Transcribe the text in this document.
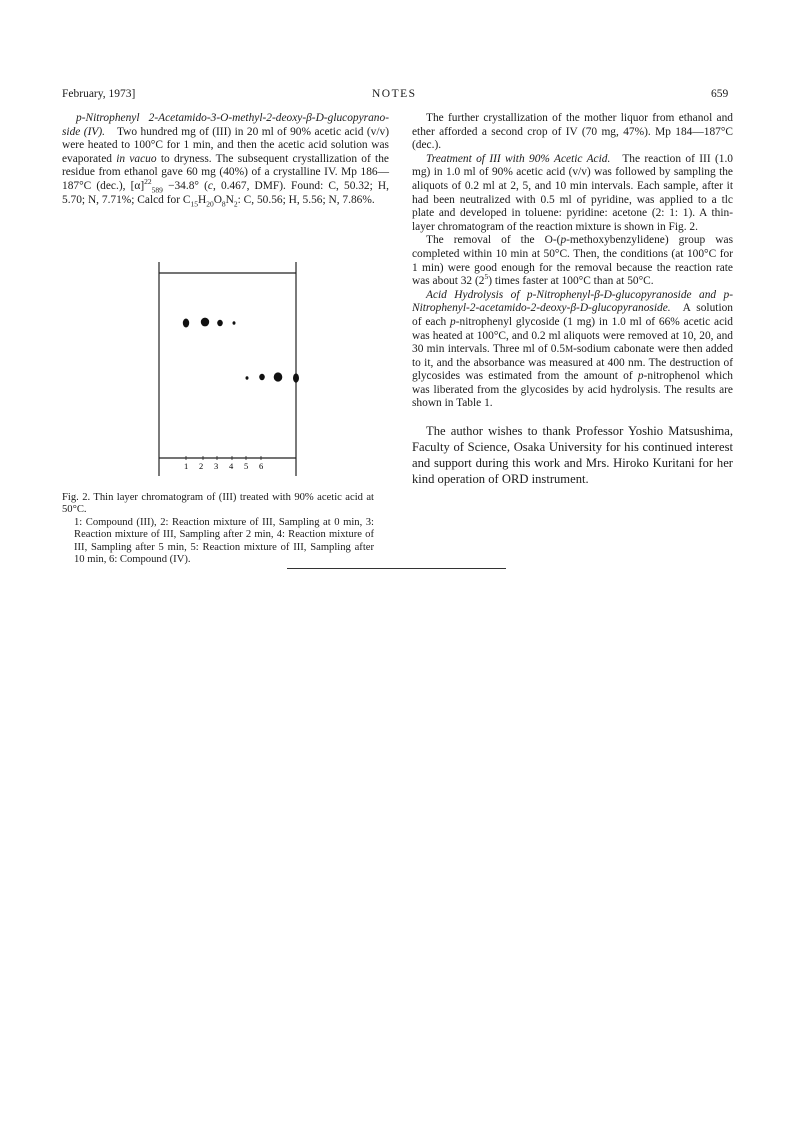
February, 1973]	NOTES	659

p-Nitrophenyl 2-Acetamido-3-O-methyl-2-deoxy-β-D-glucopyrano- side (IV). Two hundred mg of (III) in 20 ml of 90% acetic acid (v/v) were heated to 100°C for 1 min, and then the acetic acid solution was evaporated in vacuo to dryness. The subsequent crystallization of the residue from ethanol gave 60 mg (40%) of a crystalline IV. Mp 186—187°C (dec.), $[\alpha]^{22}_{589} -34.8^\circ$ (c, 0.467, DMF). Found: C, 50.32; H, 5.70; N, 7.71%; Calcd for $C_{15}H_{20}O_8N_2$: C, 50.56; H, 5.56; N, 7.86%.

1 2 3 4 5 6

Fig. 2. Thin layer chromatogram of (III) treated with 90% acetic acid at 50°C.

1: Compound (III), 2: Reaction mixture of III, Sampling at 0 min, 3: Reaction mixture of III, Sampling after 2 min, 4: Reaction mixture of III, Sampling after 5 min, 5: Reaction mixture of III, Sampling after 10 min, 6: Compound (IV).

The further crystallization of the mother liquor from ethanol and ether afforded a second crop of IV (70 mg, 47%). Mp 184—187°C (dec.).

Treatment of III with 90% Acetic Acid. The reaction of III (1.0 mg) in 1.0 ml of 90% acetic acid (v/v) was followed by sampling the aliquots of 0.2 ml at 2, 5, and 10 min intervals. Each sample, after it had been neutralized with 0.5 ml of pyridine, was applied to a tlc plate and developed in toluene: pyridine: acetone (2: 1: 1). A thin-layer chromatogram of the reaction mixture is shown in Fig. 2.

The removal of the O-(p-methoxybenzylidene) group was completed within 10 min at 50°C. Then, the conditions (at 100°C for 1 min) were good enough for the removal because the reaction rate was about 32 $(2^5)$ times faster at 100°C than at 50°C.

Acid Hydrolysis of p-Nitrophenyl-β-D-glucopyranoside and p-Nitrophenyl-2-acetamido-2-deoxy-β-D-glucopyranoside. A solution of each p-nitrophenyl glycoside (1 mg) in 1.0 ml of 66% acetic acid was heated at 100°C, and 0.2 ml aliquots were removed at 10, 20, and 30 min intervals. Three ml of 0.5M-sodium cabonate were then added to it, and the absorbance was measured at 400 nm. The destruction of glycosides was estimated from the amount of p-nitrophenol which was liberated from the glycosides by acid hydrolysis. The results are shown in Table 1.

The author wishes to thank Professor Yoshio Matsushima, Faculty of Science, Osaka University for his continued interest and support during this work and Mrs. Hiroko Kuritani for her kind operation of ORD instrument.
